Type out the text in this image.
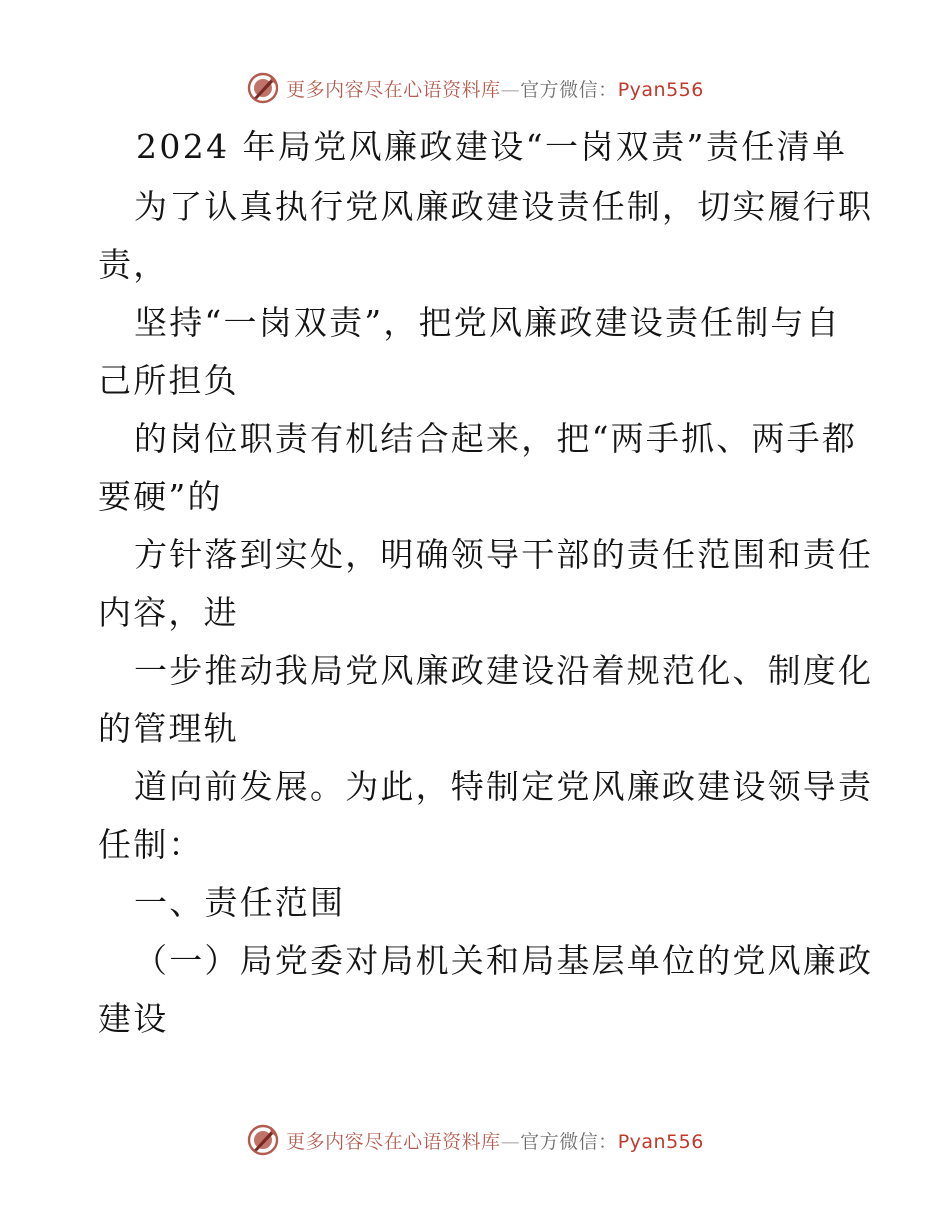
更多内容尽在心语资料库—官方微信：Pyan556
2024 年局党风廉政建设“一岗双责”责任清单
为了认真执行党风廉政建设责任制，切实履行职
责，
坚持“一岗双责”，把党风廉政建设责任制与自
己所担负
的岗位职责有机结合起来，把“两手抓、两手都
要硬”的
方针落到实处，明确领导干部的责任范围和责任
内容，进
一步推动我局党风廉政建设沿着规范化、制度化
的管理轨
道向前发展。为此，特制定党风廉政建设领导责
任制：
一、责任范围
（一）局党委对局机关和局基层单位的党风廉政
建设
更多内容尽在心语资料库—官方微信：Pyan556
